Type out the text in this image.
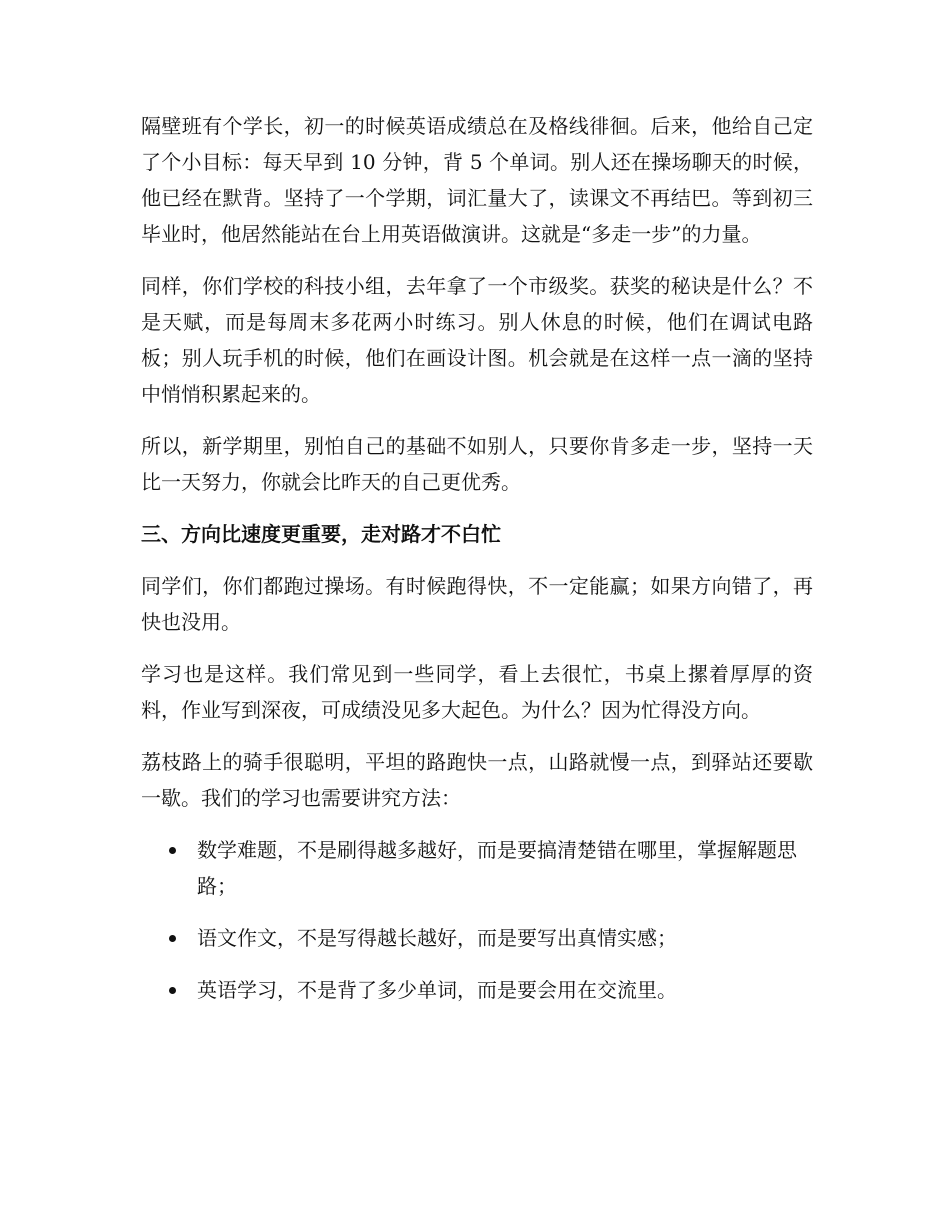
隔壁班有个学长，初一的时候英语成绩总在及格线徘徊。后来，他给自己定了个小目标：每天早到 10 分钟，背 5 个单词。别人还在操场聊天的时候，他已经在默背。坚持了一个学期，词汇量大了，读课文不再结巴。等到初三毕业时，他居然能站在台上用英语做演讲。这就是“多走一步”的力量。

同样，你们学校的科技小组，去年拿了一个市级奖。获奖的秘诀是什么？不是天赋，而是每周末多花两小时练习。别人休息的时候，他们在调试电路板；别人玩手机的时候，他们在画设计图。机会就是在这样一点一滴的坚持中悄悄积累起来的。

所以，新学期里，别怕自己的基础不如别人，只要你肯多走一步，坚持一天比一天努力，你就会比昨天的自己更优秀。

三、方向比速度更重要，走对路才不白忙

同学们，你们都跑过操场。有时候跑得快，不一定能赢；如果方向错了，再快也没用。

学习也是这样。我们常见到一些同学，看上去很忙，书桌上摞着厚厚的资料，作业写到深夜，可成绩没见多大起色。为什么？因为忙得没方向。

荔枝路上的骑手很聪明，平坦的路跑快一点，山路就慢一点，到驿站还要歇一歇。我们的学习也需要讲究方法：

数学难题，不是刷得越多越好，而是要搞清楚错在哪里，掌握解题思路；
语文作文，不是写得越长越好，而是要写出真情实感；
英语学习，不是背了多少单词，而是要会用在交流里。
